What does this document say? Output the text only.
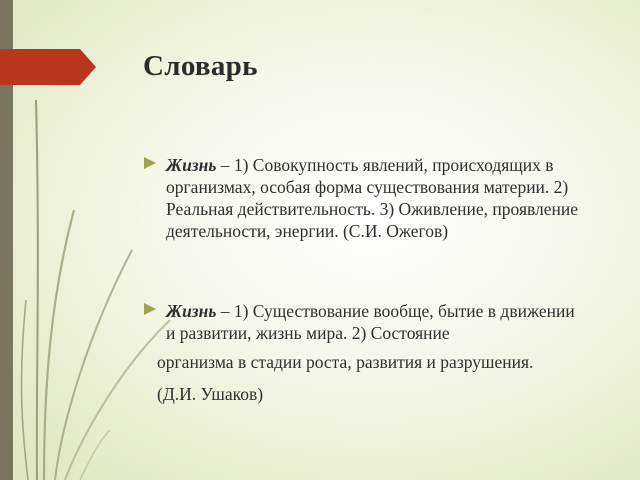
Словарь
Жизнь – 1) Совокупность явлений, происходящих в организмах, особая форма существования материи. 2) Реальная действительность. 3) Оживление, проявление деятельности, энергии. (С.И. Ожегов)
Жизнь – 1) Существование вообще, бытие в движении и развитии, жизнь мира. 2) Состояние
организма в стадии роста, развития и разрушения.
(Д.И. Ушаков)
